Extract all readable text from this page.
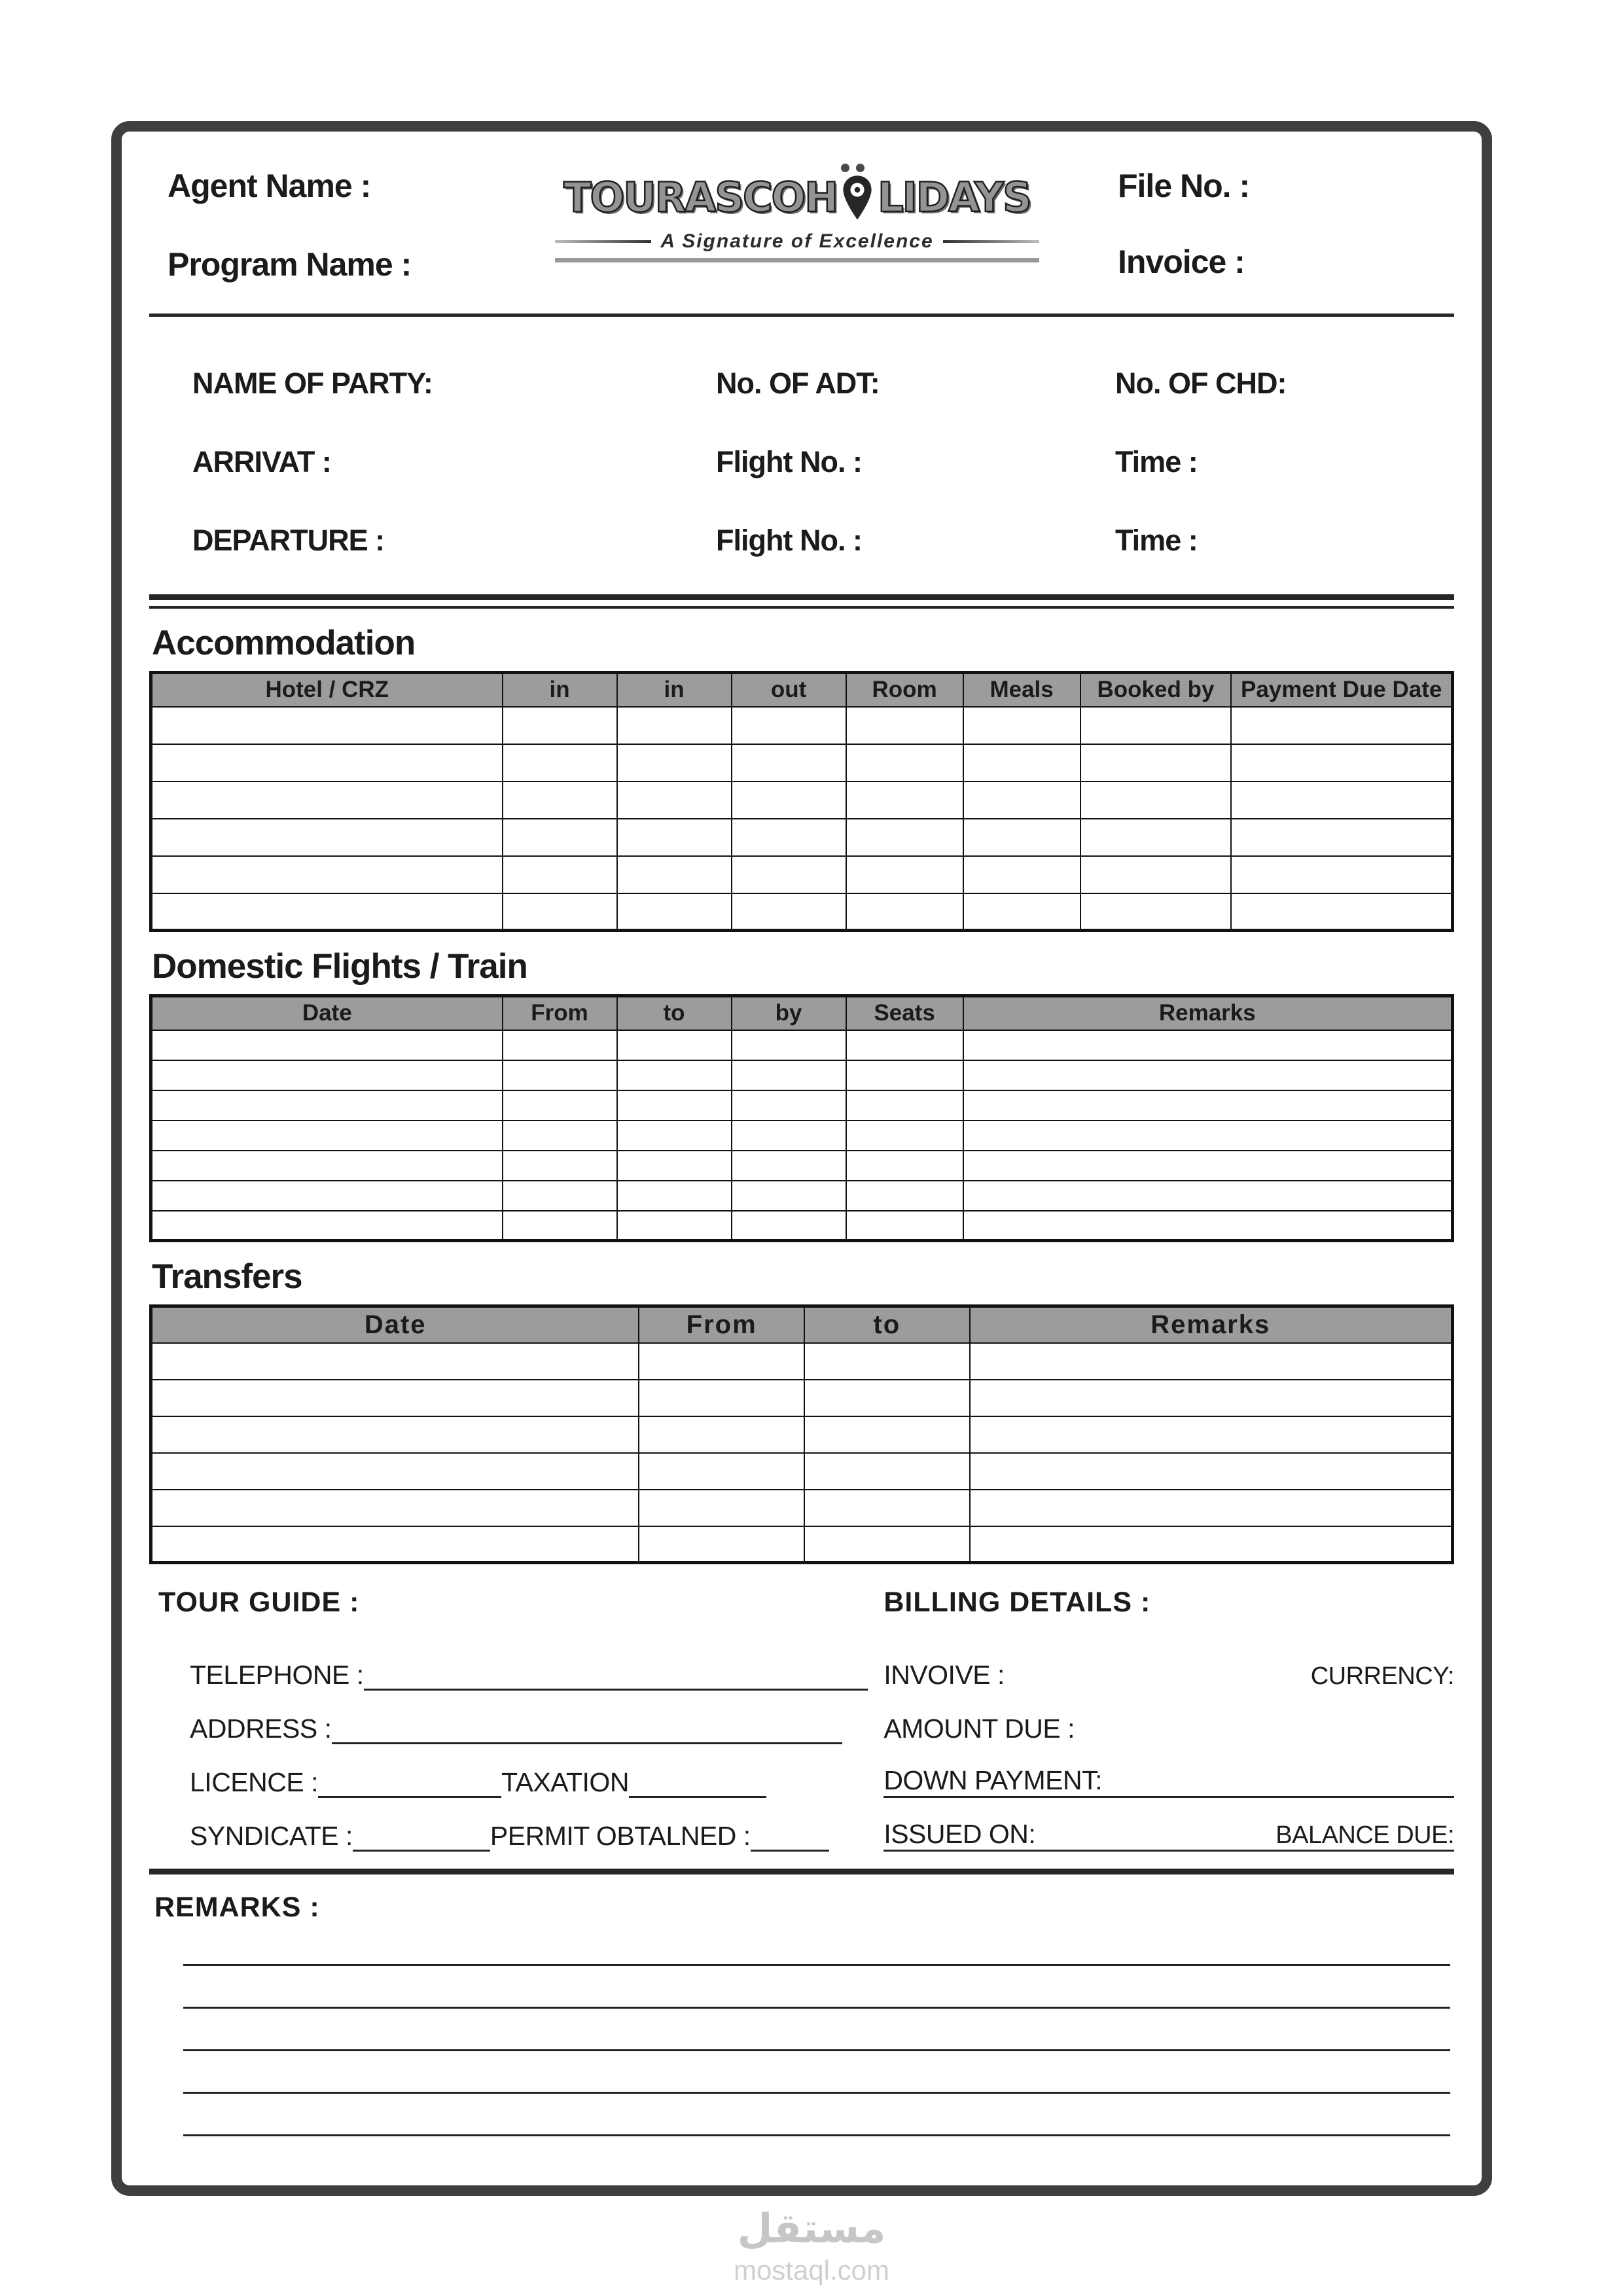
Agent Name :
Program Name :
TOURASCOH LIDAYS
A Signature of Excellence
File No. :
Invoice :
NAME OF PARTY:	No. OF ADT:	No. OF CHD:
ARRIVAT :	Flight No. :	Time :
DEPARTURE :	Flight No. :	Time :
Accommodation
Hotel / CRZ	in	in	out	Room	Meals	Booked by	Payment Due Date

Domestic Flights / Train
Date	From	to	by	Seats	Remarks

Transfers
Date	From	to	Remarks

TOUR GUIDE :
TELEPHONE :
ADDRESS :
LICENCE :	TAXATION
SYNDICATE :	PERMIT OBTALNED :
BILLING DETAILS :
INVOIVE :	CURRENCY:
AMOUNT DUE :
DOWN PAYMENT:
ISSUED ON:	BALANCE DUE:
REMARKS :
مستقل
mostaql.com
